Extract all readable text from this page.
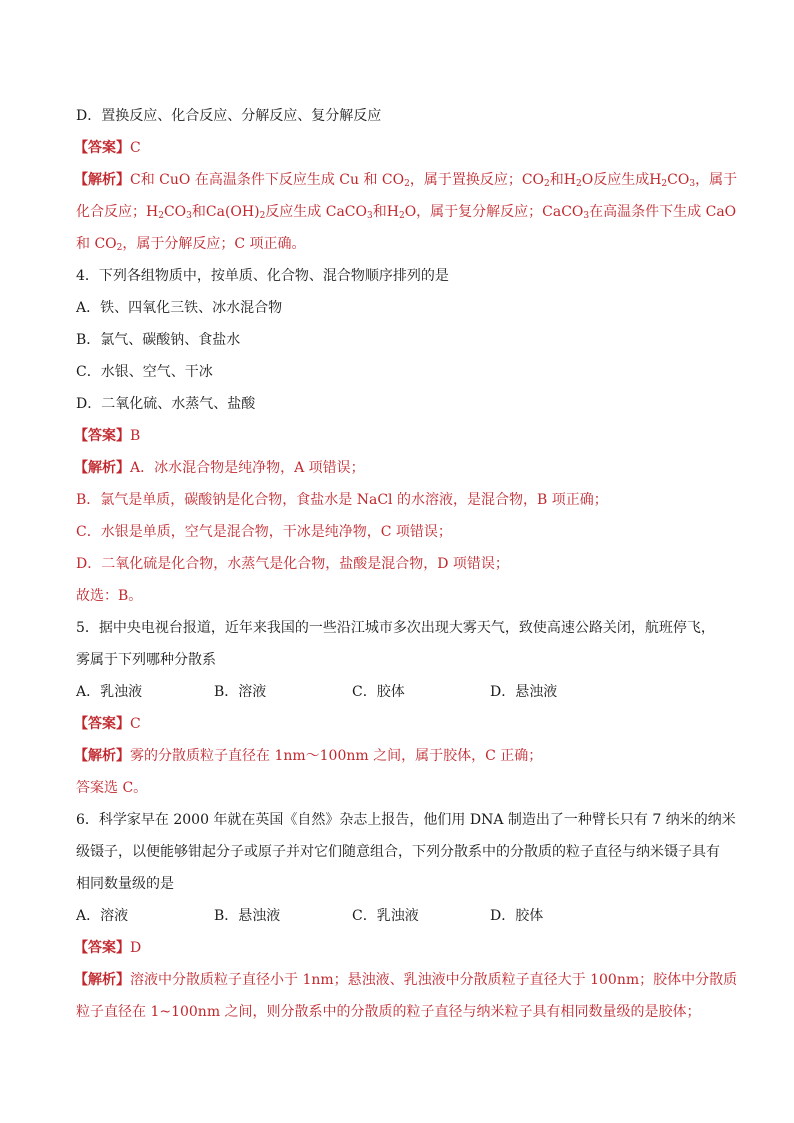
D．置换反应、化合反应、分解反应、复分解反应
【答案】C
【解析】C和 CuO 在高温条件下反应生成 Cu 和 $CO_2$，属于置换反应；$CO_2$和$H_2O$反应生成$H_2CO_3$，属于
化合反应；$H_2CO_3$和$Ca(OH)_2$反应生成 CaCO$_3$和$H_2O$，属于复分解反应；CaCO$_3$在高温条件下生成 CaO
和 $CO_2$，属于分解反应；C 项正确。
4．下列各组物质中，按单质、化合物、混合物顺序排列的是
A．铁、四氧化三铁、冰水混合物
B．氯气、碳酸钠、食盐水
C．水银、空气、干冰
D．二氧化硫、水蒸气、盐酸
【答案】B
【解析】A．冰水混合物是纯净物，A 项错误；
B．氯气是单质，碳酸钠是化合物，食盐水是 NaCl 的水溶液，是混合物，B 项正确；
C．水银是单质，空气是混合物，干冰是纯净物，C 项错误；
D．二氧化硫是化合物，水蒸气是化合物，盐酸是混合物，D 项错误；
故选：B。
5．据中央电视台报道，近年来我国的一些沿江城市多次出现大雾天气，致使高速公路关闭，航班停飞，
雾属于下列哪种分散系
A．乳浊液	B．溶液	C．胶体	D．悬浊液
【答案】C
【解析】雾的分散质粒子直径在 1nm～100nm 之间，属于胶体，C 正确；
答案选 C。
6．科学家早在 2000 年就在英国《自然》杂志上报告，他们用 DNA 制造出了一种臂长只有 7 纳米的纳米
级镊子，以便能够钳起分子或原子并对它们随意组合，下列分散系中的分散质的粒子直径与纳米镊子具有
相同数量级的是
A．溶液	B．悬浊液	C．乳浊液	D．胶体
【答案】D
【解析】溶液中分散质粒子直径小于 1nm；悬浊液、乳浊液中分散质粒子直径大于 100nm；胶体中分散质
粒子直径在 1~100nm 之间，则分散系中的分散质的粒子直径与纳米粒子具有相同数量级的是胶体；
